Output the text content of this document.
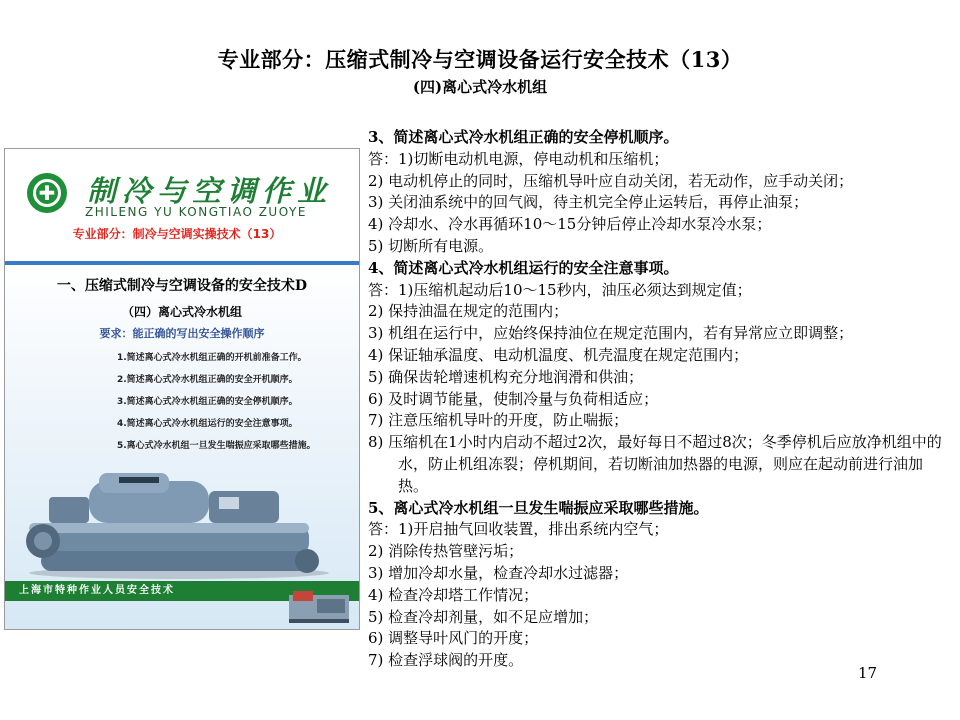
专业部分：压缩式制冷与空调设备运行安全技术（13）
(四)离心式冷水机组
✚ 制冷与空调作业
ZHILENG YU KONGTIAO ZUOYE
专业部分：制冷与空调实操技术（13）
一、压缩式制冷与空调设备的安全技术D
（四）离心式冷水机组
要求：能正确的写出安全操作顺序
1.简述离心式冷水机组正确的开机前准备工作。
2.简述离心式冷水机组正确的安全开机顺序。
3.简述离心式冷水机组正确的安全停机顺序。
4.简述离心式冷水机组运行的安全注意事项。
5.离心式冷水机组一旦发生喘振应采取哪些措施。
上海市特种作业人员安全技术

3、简述离心式冷水机组正确的安全停机顺序。

答：1)切断电动机电源，停电动机和压缩机；

2) 电动机停止的同时，压缩机导叶应自动关闭，若无动作，应手动关闭；

3) 关闭油系统中的回气阀，待主机完全停止运转后，再停止油泵；

4) 冷却水、冷水再循环10～15分钟后停止冷却水泵冷水泵；

5) 切断所有电源。

4、简述离心式冷水机组运行的安全注意事项。

答：1)压缩机起动后10～15秒内，油压必须达到规定值；

2) 保持油温在规定的范围内；

3) 机组在运行中，应始终保持油位在规定范围内，若有异常应立即调整；

4) 保证轴承温度、电动机温度、机壳温度在规定范围内；

5) 确保齿轮增速机构充分地润滑和供油；

6) 及时调节能量，使制冷量与负荷相适应；

7) 注意压缩机导叶的开度，防止喘振；

8) 压缩机在1小时内启动不超过2次，最好每日不超过8次；冬季停机后应放净机组中的水，防止机组冻裂；停机期间，若切断油加热器的电源，则应在起动前进行油加热。

5、离心式冷水机组一旦发生喘振应采取哪些措施。

答：1)开启抽气回收装置，排出系统内空气；

2) 消除传热管壁污垢；

3) 增加冷却水量，检查冷却水过滤器；

4) 检查冷却塔工作情况；

5) 检查冷却剂量，如不足应增加；

6) 调整导叶风门的开度；

7) 检查浮球阀的开度。

17
